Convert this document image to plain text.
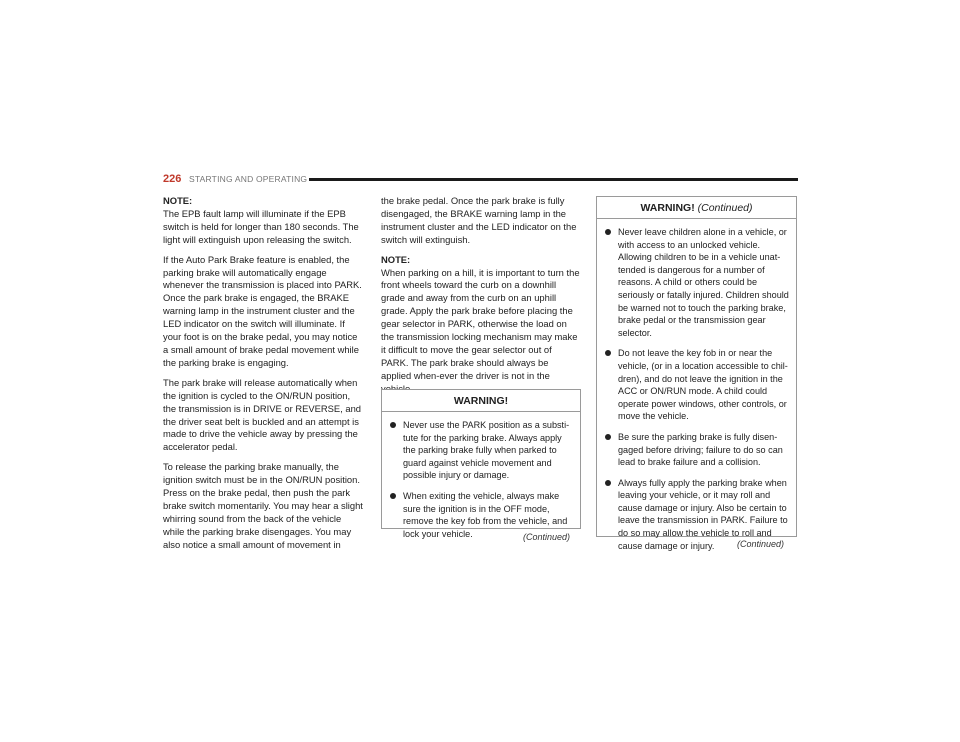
226 STARTING AND OPERATING

NOTE:
The EPB fault lamp will illuminate if the EPB switch is held for longer than 180 seconds. The light will extinguish upon releasing the switch.

If the Auto Park Brake feature is enabled, the parking brake will automatically engage whenever the transmission is placed into PARK. Once the park brake is engaged, the BRAKE warning lamp in the instrument cluster and the LED indicator on the switch will illuminate. If your foot is on the brake pedal, you may notice a small amount of brake pedal movement while the parking brake is engaging.

The park brake will release automatically when the ignition is cycled to the ON/RUN position, the transmission is in DRIVE or REVERSE, and the driver seat belt is buckled and an attempt is made to drive the vehicle away by pressing the accelerator pedal.

To release the parking brake manually, the ignition switch must be in the ON/RUN position. Press on the brake pedal, then push the park brake switch momentarily. You may hear a slight whirring sound from the back of the vehicle while the parking brake disengages. You may also notice a small amount of movement in

the brake pedal. Once the park brake is fully disengaged, the BRAKE warning lamp in the instrument cluster and the LED indicator on the switch will extinguish.

NOTE:
When parking on a hill, it is important to turn the front wheels toward the curb on a downhill grade and away from the curb on an uphill grade. Apply the park brake before placing the gear selector in PARK, otherwise the load on the transmission locking mechanism may make it difficult to move the gear selector out of PARK. The park brake should always be applied when-ever the driver is not in the

WARNING!
Never use the PARK position as a substi-tute for the parking brake. Always apply the parking brake fully when parked to guard against vehicle movement and possible injury or damage.
When exiting the vehicle, always make sure the ignition is in the OFF mode, remove the key fob from the vehicle, and lock your vehicle.	(Continued)
WARNING! (Continued)
Never leave children alone in a vehicle, or with access to an unlocked vehicle. Allowing children to be in a vehicle unat-tended is dangerous for a number of reasons. A child or others could be seriously or fatally injured. Children should be warned not to touch the parking brake, brake pedal or the transmission gear selector.
Do not leave the key fob in or near the vehicle, (or in a location accessible to chil-dren), and do not leave the ignition in the ACC or ON/RUN mode. A child could operate power windows, other controls, or move the vehicle.
Be sure the parking brake is fully disen-gaged before driving; failure to do so can lead to brake failure and a collision.
Always fully apply the parking brake when leaving your vehicle, or it may roll and cause damage or injury. Also be certain to leave the transmission in PARK. Failure to do so may allow the vehicle to roll and cause damage or injury.	(Continued)
